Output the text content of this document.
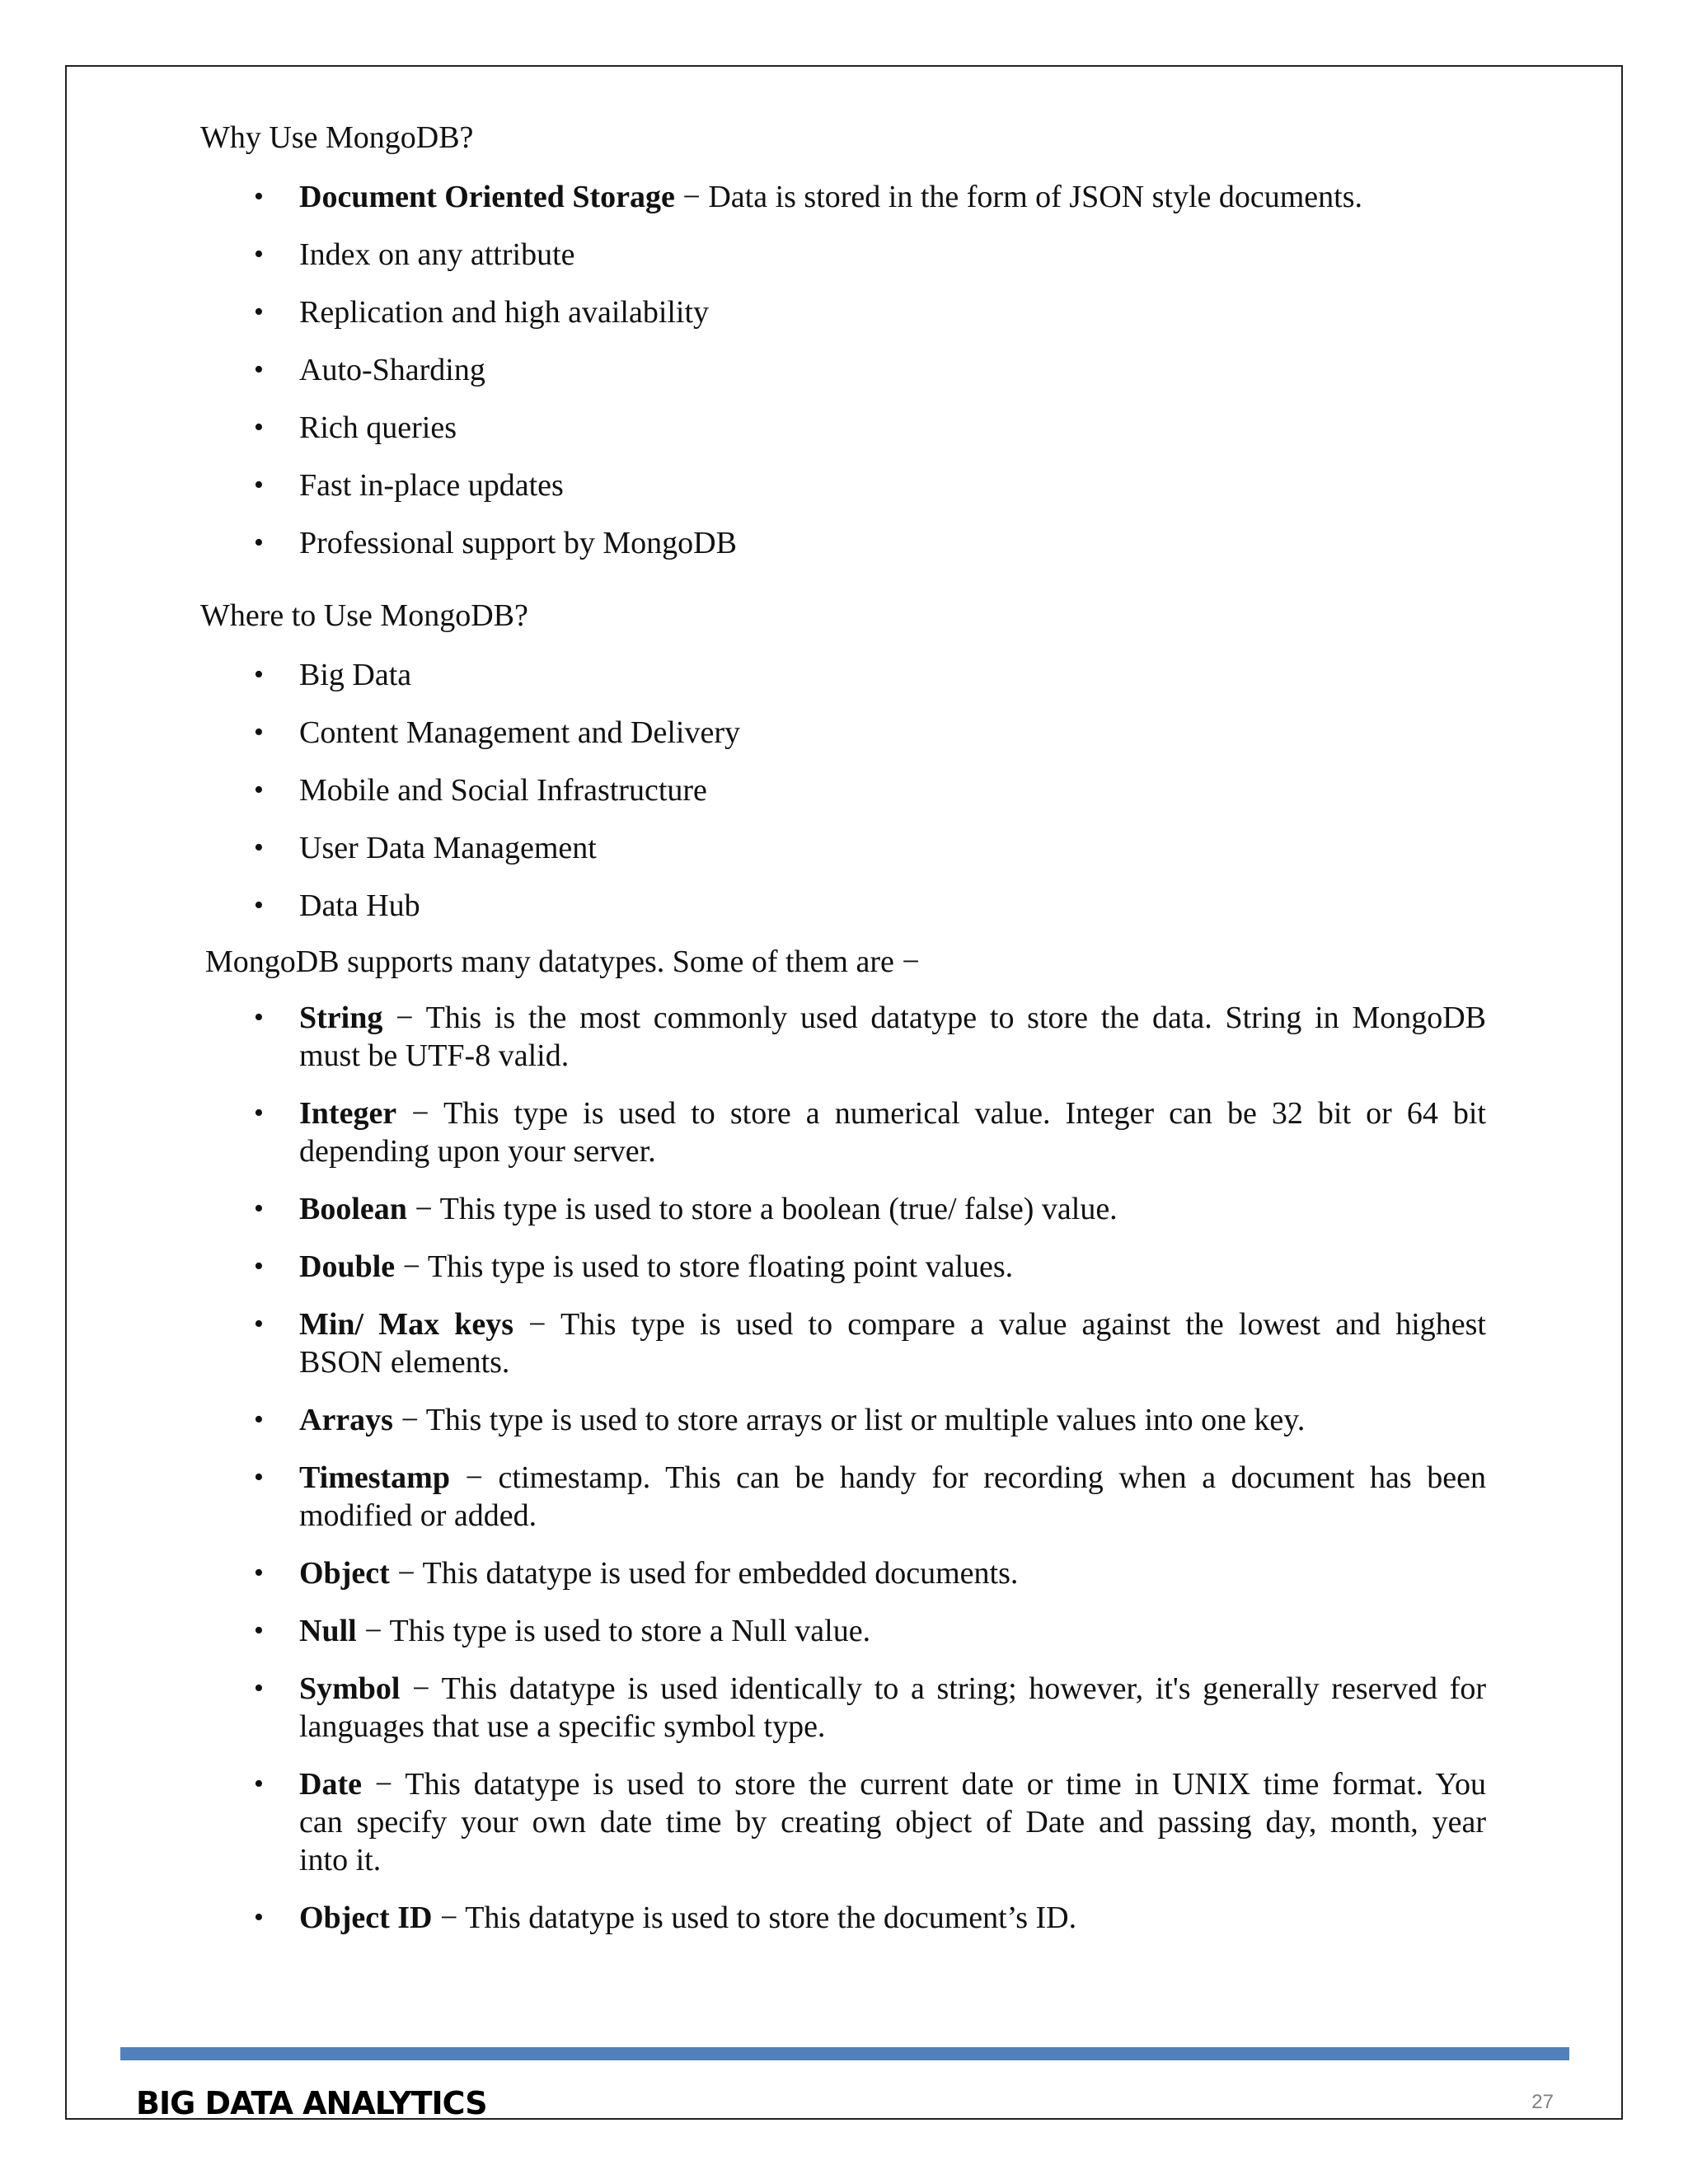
Why Use MongoDB?

• Document Oriented Storage − Data is stored in the form of JSON style documents.
• Index on any attribute
• Replication and high availability
• Auto-Sharding
• Rich queries
• Fast in-place updates
• Professional support by MongoDB

Where to Use MongoDB?

• Big Data
• Content Management and Delivery
• Mobile and Social Infrastructure
• User Data Management
• Data Hub

MongoDB supports many datatypes. Some of them are −

• String − This is the most commonly used datatype to store the data. String in MongoDB
must be UTF-8 valid.
• Integer − This type is used to store a numerical value. Integer can be 32 bit or 64 bit
depending upon your server.
• Boolean − This type is used to store a boolean (true/ false) value.
• Double − This type is used to store floating point values.
• Min/ Max keys − This type is used to compare a value against the lowest and highest
BSON elements.
• Arrays − This type is used to store arrays or list or multiple values into one key.
• Timestamp − ctimestamp. This can be handy for recording when a document has been
modified or added.
• Object − This datatype is used for embedded documents.
• Null − This type is used to store a Null value.
• Symbol − This datatype is used identically to a string; however, it's generally reserved for
languages that use a specific symbol type.
• Date − This datatype is used to store the current date or time in UNIX time format. You
can specify your own date time by creating object of Date and passing day, month, year
into it.
• Object ID − This datatype is used to store the document’s ID.
BIG DATA ANALYTICS	27
